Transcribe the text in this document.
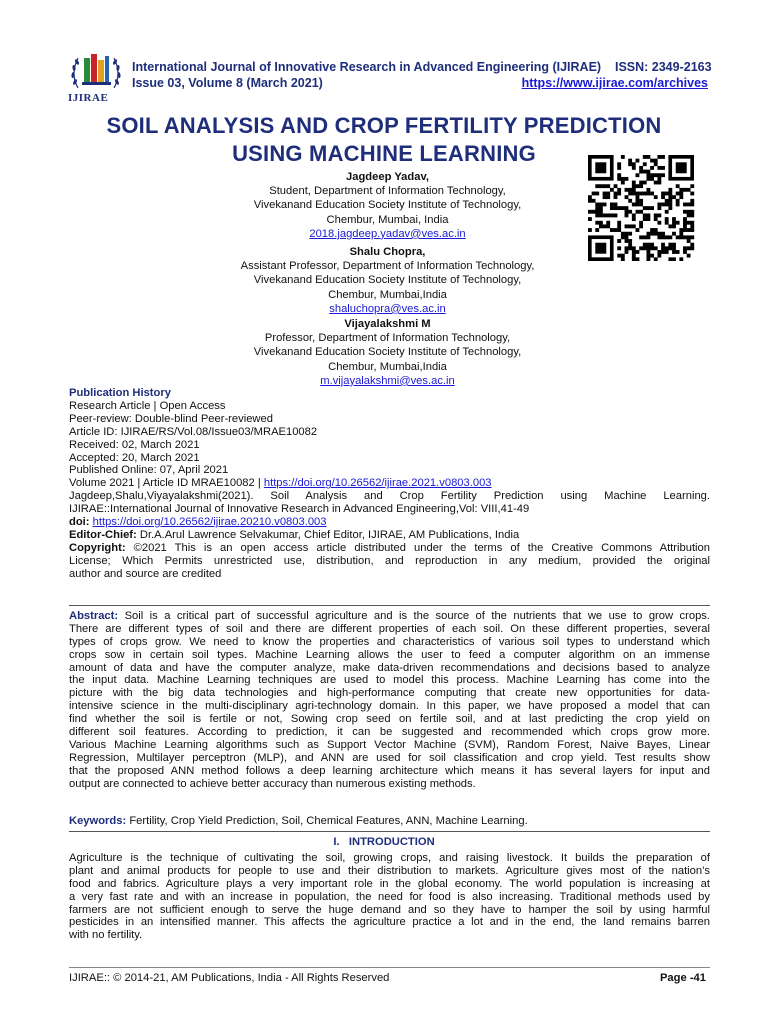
IJIRAE
International Journal of Innovative Research in Advanced Engineering (IJIRAE)    ISSN: 2349-2163
Issue 03, Volume 8 (March 2021)	https://www.ijirae.com/archives
SOIL ANALYSIS AND CROP FERTILITY PREDICTION
USING MACHINE LEARNING
Jagdeep Yadav,
Student, Department of Information Technology,
Vivekanand Education Society Institute of Technology,
Chembur, Mumbai, India
2018.jagdeep.yadav@ves.ac.in
Shalu Chopra,
Assistant Professor, Department of Information Technology,
Vivekanand Education Society Institute of Technology,
Chembur, Mumbai,India
shaluchopra@ves.ac.in
Vijayalakshmi M
Professor, Department of Information Technology,
Vivekanand Education Society Institute of Technology,
Chembur, Mumbai,India
m.vijayalakshmi@ves.ac.in
Publication History
Research Article | Open Access
Peer-review: Double-blind Peer-reviewed
Article ID: IJIRAE/RS/Vol.08/Issue03/MRAE10082
Received: 02, March 2021
Accepted: 20, March 2021
Published Online: 07, April 2021
Volume 2021 | Article ID MRAE10082 | https://doi.org/10.26562/ijirae.2021.v0803.003
Jagdeep,Shalu,Viyayalakshmi(2021).  Soil  Analysis  and  Crop  Fertility  Prediction  using  Machine  Learning.
IJIRAE::International Journal of Innovative Research in Advanced Engineering,Vol: VIII,41-49
doi: https://doi.org/10.26562/ijirae.20210.v0803.003
Editor-Chief: Dr.A.Arul Lawrence Selvakumar, Chief Editor, IJIRAE, AM Publications, India
Copyright: ©2021 This is an open access article distributed under the terms of the Creative Commons Attribution
License; Which Permits unrestricted use, distribution, and reproduction in any medium, provided the original
author and source are credited
Abstract: Soil is a critical part of successful agriculture and is the source of the nutrients that we use to grow crops.
There are different types of soil and there are different properties of each soil. On these different properties, several
types of crops grow. We need to know the properties and characteristics of various soil types to understand which
crops sow in certain soil types. Machine Learning allows the user to feed a computer algorithm on an immense
amount of data and have the computer analyze, make data-driven recommendations and decisions based to analyze
the input data. Machine Learning techniques are used to model this process. Machine Learning has come into the
picture with the big data technologies and high-performance computing that create new opportunities for data-
intensive science in the multi-disciplinary agri-technology domain. In this paper, we have proposed a model that can
find whether the soil is fertile or not, Sowing crop seed on fertile soil, and at last predicting the crop yield on
different soil features. According to prediction, it can be suggested and recommended which crops grow more.
Various Machine Learning algorithms such as Support Vector Machine (SVM), Random Forest, Naive Bayes, Linear
Regression, Multilayer perceptron (MLP), and ANN are used for soil classification and crop yield. Test results show
that the proposed ANN method follows a deep learning architecture which means it has several layers for input and
output are connected to achieve better accuracy than numerous existing methods.
Keywords: Fertility, Crop Yield Prediction, Soil, Chemical Features, ANN, Machine Learning.
I.   INTRODUCTION
Agriculture is the technique of cultivating the soil, growing crops, and raising livestock. It builds the preparation of
plant and animal products for people to use and their distribution to markets. Agriculture gives most of the nation’s
food and fabrics. Agriculture plays a very important role in the global economy. The world population is increasing at
a very fast rate and with an increase in population, the need for food is also increasing. Traditional methods used by
farmers are not sufficient enough to serve the huge demand and so they have to hamper the soil by using harmful
pesticides in an intensified manner. This affects the agriculture practice a lot and in the end, the land remains barren
with no fertility.
IJIRAE:: © 2014-21, AM Publications, India - All Rights Reserved	Page -41
